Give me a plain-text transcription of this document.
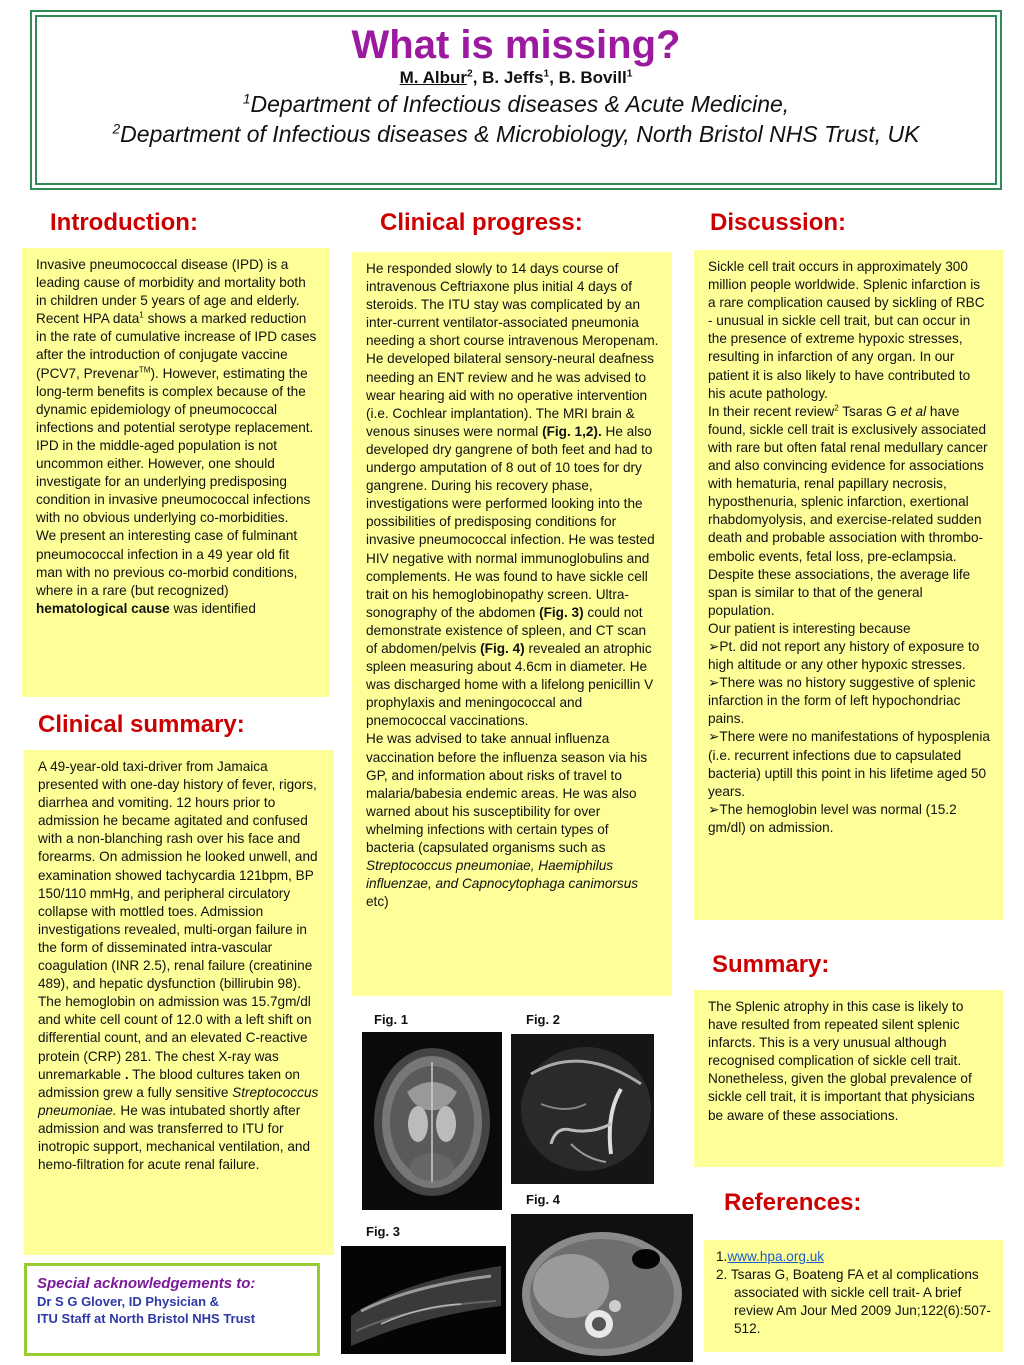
What is missing?
M. Albur$^2$, B. Jeffs$^1$, B. Bovill$^1$
$^1$Department of Infectious diseases & Acute Medicine,
$^2$Department of Infectious diseases & Microbiology, North Bristol NHS Trust, UK
Introduction:

Invasive pneumococcal disease (IPD) is a leading cause of morbidity and mortality both in children under 5 years of age and elderly. Recent HPA data$^1$ shows a marked reduction in the rate of cumulative increase of IPD cases after the introduction of conjugate vaccine (PCV7, Prevenar™). However, estimating the long-term benefits is complex because of the dynamic epidemiology of pneumococcal infections and potential serotype replacement.

IPD in the middle-aged population is not uncommon either. However, one should investigate for an underlying predisposing condition in invasive pneumococcal infections with no obvious underlying co-morbidities.

We present an interesting case of fulminant pneumococcal infection in a 49 year old fit man with no previous co-morbid conditions, where in a rare (but recognized) hematological cause was identified

Clinical summary:

A 49-year-old taxi-driver from Jamaica presented with one-day history of fever, rigors, diarrhea and vomiting. 12 hours prior to admission he became agitated and confused with a non-blanching rash over his face and forearms. On admission he looked unwell, and examination showed tachycardia 121bpm, BP 150/110 mmHg, and peripheral circulatory collapse with mottled toes. Admission investigations revealed, multi-organ failure in the form of disseminated intra-vascular coagulation (INR 2.5), renal failure (creatinine 489), and hepatic dysfunction (billirubin 98).

The hemoglobin on admission was 15.7gm/dl and white cell count of 12.0 with a left shift on differential count, and an elevated C-reactive protein (CRP) 281. The chest X-ray was unremarkable . The blood cultures taken on admission grew a fully sensitive Streptococcus pneumoniae. He was intubated shortly after admission and was transferred to ITU for inotropic support, mechanical ventilation, and hemo-filtration for acute renal failure.

Special acknowledgements to:
Dr S G Glover, ID Physician &
ITU Staff at North Bristol NHS Trust
Clinical progress:

He responded slowly to 14 days course of intravenous Ceftriaxone plus initial 4 days of steroids. The ITU stay was complicated by an inter-current ventilator-associated pneumonia needing a short course intravenous Meropenam. He developed bilateral sensory-neural deafness needing an ENT review and he was advised to wear hearing aid with no operative intervention (i.e. Cochlear implantation). The MRI brain & venous sinuses were normal (Fig. 1,2). He also developed dry gangrene of both feet and had to undergo amputation of 8 out of 10 toes for dry gangrene. During his recovery phase, investigations were performed looking into the possibilities of predisposing conditions for invasive pneumococcal infection. He was tested HIV negative with normal immunoglobulins and complements. He was found to have sickle cell trait on his hemoglobinopathy screen. Ultra-sonography of the abdomen (Fig. 3) could not demonstrate existence of spleen, and CT scan of abdomen/pelvis (Fig. 4) revealed an atrophic spleen measuring about 4.6cm in diameter. He was discharged home with a lifelong penicillin V prophylaxis and meningococcal and pnemococcal vaccinations.

He was advised to take annual influenza vaccination before the influenza season via his GP, and information about risks of travel to malaria/babesia endemic areas. He was also warned about his susceptibility for over whelming infections with certain types of bacteria (capsulated organisms such as Streptococcus pneumoniae, Haemiphilus influenzae, and Capnocytophaga canimorsus etc)

Fig. 1	Fig. 2
Fig. 4
Fig. 3
Discussion:

Sickle cell trait occurs in approximately 300 million people worldwide. Splenic infarction is a rare complication caused by sickling of RBC - unusual in sickle cell trait, but can occur in the presence of extreme hypoxic stresses, resulting in infarction of any organ. In our patient it is also likely to have contributed to his acute pathology.

In their recent review$^2$ Tsaras G et al have found, sickle cell trait is exclusively associated with rare but often fatal renal medullary cancer and also convincing evidence for associations with hematuria, renal papillary necrosis, hyposthenuria, splenic infarction, exertional rhabdomyolysis, and exercise-related sudden death and probable association with thrombo-embolic events, fetal loss, pre-eclampsia. Despite these associations, the average life span is similar to that of the general population.

Our patient is interesting because

➢ Pt. did not report any history of exposure to high altitude or any other hypoxic stresses.
➢ There was no history suggestive of splenic infarction in the form of left hypochondriac pains.
➢ There were no manifestations of hyposplenia (i.e. recurrent infections due to capsulated bacteria) uptill this point in his lifetime aged 50 years.
➢ The hemoglobin level was normal (15.2 gm/dl) on admission.
Summary:

The Splenic atrophy in this case is likely to have resulted from repeated silent splenic infarcts. This is a very unusual although recognised complication of sickle cell trait.

Nonetheless, given the global prevalence of sickle cell trait, it is important that physicians be aware of these associations.

References:
1.www.hpa.org.uk
2. Tsaras G, Boateng FA et al complications associated with sickle cell trait- A brief review Am Jour Med 2009 Jun;122(6):507-512.
